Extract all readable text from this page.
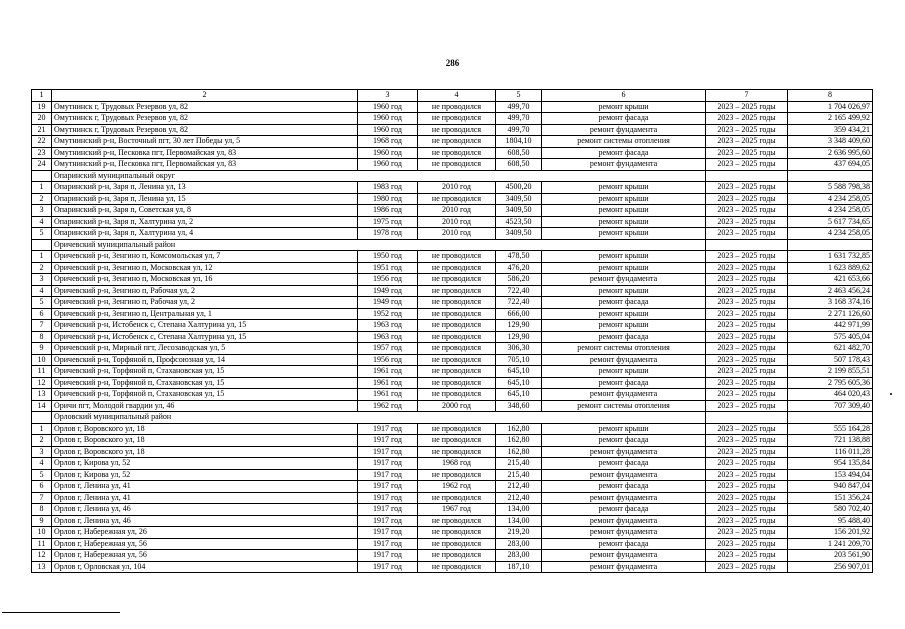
286
1	2	3	4	5	6	7	8
19	Омутнинск г, Трудовых Резервов ул, 82	1960 год	не проводился	499,70	ремонт крыши	2023 – 2025 годы	1 704 026,97
20	Омутнинск г, Трудовых Резервов ул, 82	1960 год	не проводился	499,70	ремонт фасада	2023 – 2025 годы	2 165 499,92
21	Омутнинск г, Трудовых Резервов ул, 82	1960 год	не проводился	499,70	ремонт фундамента	2023 – 2025 годы	359 434,21
22	Омутнинский р-н, Восточный пгт, 30 лет Победы ул, 5	1968 год	не проводился	1804,10	ремонт системы отопления	2023 – 2025 годы	3 348 409,60
23	Омутнинский р-н, Песковка пгт, Первомайская ул, 83	1960 год	не проводился	608,50	ремонт фасада	2023 – 2025 годы	2 636 995,60
24	Омутнинский р-н, Песковка пгт, Первомайская ул, 83	1960 год	не проводился	608,50	ремонт фундамента	2023 – 2025 годы	437 694,05
	Опаринский муниципальный округ						
1	Опаринский р-н, Заря п, Ленина ул, 13	1983 год	2010 год	4500,20	ремонт крыши	2023 – 2025 годы	5 588 798,38
2	Опаринский р-н, Заря п, Ленина ул, 15	1980 год	не проводился	3409,50	ремонт крыши	2023 – 2025 годы	4 234 258,05
3	Опаринский р-н, Заря п, Советская ул, 8	1986 год	2010 год	3409,50	ремонт крыши	2023 – 2025 годы	4 234 258,05
4	Опаринский р-н, Заря п, Халтурина ул, 2	1975 год	2010 год	4523,50	ремонт крыши	2023 – 2025 годы	5 617 734,65
5	Опаринский р-н, Заря п, Халтурина ул, 4	1978 год	2010 год	3409,50	ремонт крыши	2023 – 2025 годы	4 234 258,05
	Оричевский муниципальный район						
1	Оричевский р-н, Зенгино п, Комсомольская ул, 7	1950 год	не проводился	478,50	ремонт крыши	2023 – 2025 годы	1 631 732,85
2	Оричевский р-н, Зенгино п, Московская ул, 12	1951 год	не проводился	476,20	ремонт крыши	2023 – 2025 годы	1 623 889,62
3	Оричевский р-н, Зенгино п, Московская ул, 16	1956 год	не проводился	586,20	ремонт фундамента	2023 – 2025 годы	421 653,66
4	Оричевский р-н, Зенгино п, Рабочая ул, 2	1949 год	не проводился	722,40	ремонт крыши	2023 – 2025 годы	2 463 456,24
5	Оричевский р-н, Зенгино п, Рабочая ул, 2	1949 год	не проводился	722,40	ремонт фасада	2023 – 2025 годы	3 168 374,16
6	Оричевский р-н, Зенгино п, Центральная ул, 1	1952 год	не проводился	666,00	ремонт крыши	2023 – 2025 годы	2 271 126,60
7	Оричевский р-н, Истобенск с, Степана Халтурина ул, 15	1963 год	не проводился	129,90	ремонт крыши	2023 – 2025 годы	442 971,99
8	Оричевский р-н, Истобенск с, Степана Халтурина ул, 15	1963 год	не проводился	129,90	ремонт фасада	2023 – 2025 годы	575 405,04
9	Оричевский р-н, Мирный пгт, Лесозаводская ул, 5	1957 год	не проводился	306,30	ремонт системы отопления	2023 – 2025 годы	621 482,70
10	Оричевский р-н, Торфяной п, Профсоюзная ул, 14	1956 год	не проводился	705,10	ремонт фундамента	2023 – 2025 годы	507 178,43
11	Оричевский р-н, Торфяной п, Стахановская ул, 15	1961 год	не проводился	645,10	ремонт крыши	2023 – 2025 годы	2 199 855,51
12	Оричевский р-н, Торфяной п, Стахановская ул, 15	1961 год	не проводился	645,10	ремонт фасада	2023 – 2025 годы	2 795 605,36
13	Оричевский р-н, Торфяной п, Стахановская ул, 15	1961 год	не проводился	645,10	ремонт фундамента	2023 – 2025 годы	464 020,43
14	Оричи пгт, Молодой гвардии ул, 46	1962 год	2000 год	348,60	ремонт системы отопления	2023 – 2025 годы	707 309,40
	Орловский муниципальный район						
1	Орлов г, Воровского ул, 18	1917 год	не проводился	162,80	ремонт крыши	2023 – 2025 годы	555 164,28
2	Орлов г, Воровского ул, 18	1917 год	не проводился	162,80	ремонт фасада	2023 – 2025 годы	721 138,88
3	Орлов г, Воровского ул, 18	1917 год	не проводился	162,80	ремонт фундамента	2023 – 2025 годы	116 011,28
4	Орлов г, Кирова ул, 52	1917 год	1968 год	215,40	ремонт фасада	2023 – 2025 годы	954 135,84
5	Орлов г, Кирова ул, 52	1917 год	не проводился	215,40	ремонт фундамента	2023 – 2025 годы	153 494,04
6	Орлов г, Ленина ул, 41	1917 год	1962 год	212,40	ремонт фасада	2023 – 2025 годы	940 847,04
7	Орлов г, Ленина ул, 41	1917 год	не проводился	212,40	ремонт фундамента	2023 – 2025 годы	151 356,24
8	Орлов г, Ленина ул, 46	1917 год	1967 год	134,00	ремонт фасада	2023 – 2025 годы	580 702,40
9	Орлов г, Ленина ул, 46	1917 год	не проводился	134,00	ремонт фундамента	2023 – 2025 годы	95 488,40
10	Орлов г, Набережная ул, 26	1917 год	не проводился	219,20	ремонт фундамента	2023 – 2025 годы	156 201,92
11	Орлов г, Набережная ул, 56	1917 год	не проводился	283,00	ремонт фасада	2023 – 2025 годы	1 241 209,70
12	Орлов г, Набережная ул, 56	1917 год	не проводился	283,00	ремонт фундамента	2023 – 2025 годы	203 561,90
13	Орлов г, Орловская ул, 104	1917 год	не проводился	187,10	ремонт фундамента	2023 – 2025 годы	256 907,01
